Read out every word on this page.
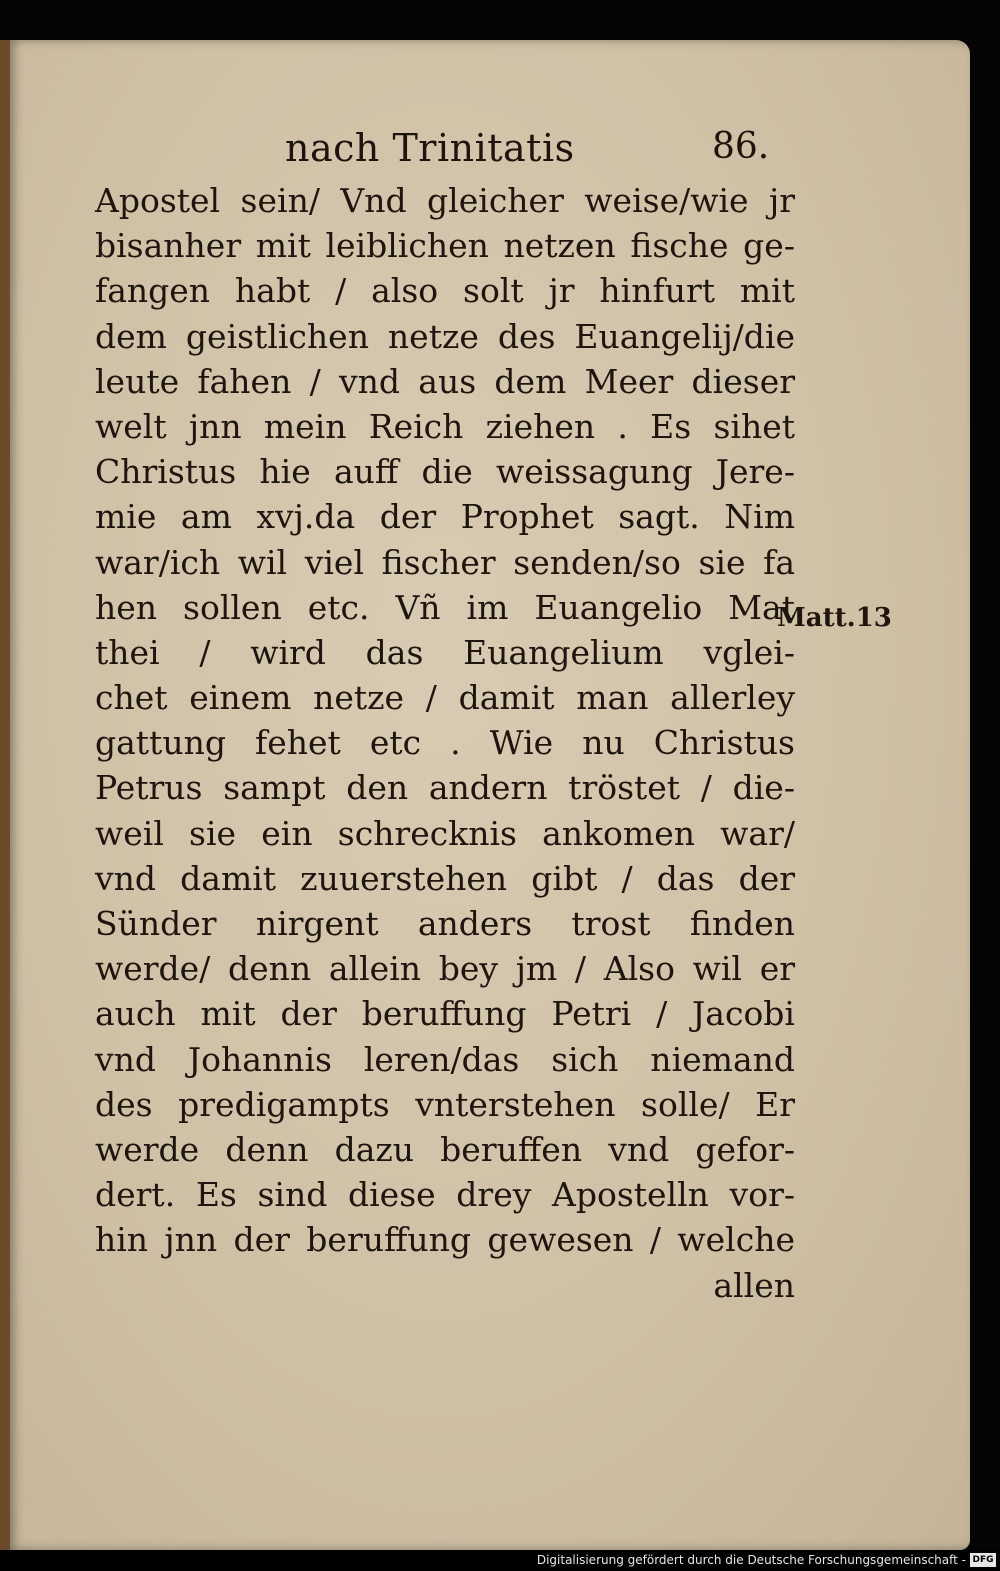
nach Trinitatis	86.
Apostel sein/ Vnd gleicher weise/wie jr
bisanher mit leiblichen netzen fische ge-
fangen habt / also solt jr hinfurt mit
dem geistlichen netze des Euangelij/die
leute fahen / vnd aus dem Meer dieser
welt jnn mein Reich ziehen . Es sihet
Christus hie auff die weissagung Jere-
mie am xvj.da der Prophet sagt. Nim
war/ich wil viel fischer senden/so sie fa
hen sollen etc. Vñ im Euangelio Mat
thei / wird das Euangelium vglei-
chet einem netze / damit man allerley
gattung fehet etc . Wie nu Christus
Petrus sampt den andern tröstet / die-
weil sie ein schrecknis ankomen war/
vnd damit zuuerstehen gibt / das der
Sünder nirgent anders trost finden
werde/ denn allein bey jm / Also wil er
auch mit der beruffung Petri / Jacobi
vnd Johannis leren/das sich niemand
des predigampts vnterstehen solle/ Er
werde denn dazu beruffen vnd gefor-
dert. Es sind diese drey Apostelln vor-
hin jnn der beruffung gewesen / welche
allen
Matt.13
Digitalisierung gefördert durch die Deutsche Forschungsgemeinschaft - DFG
